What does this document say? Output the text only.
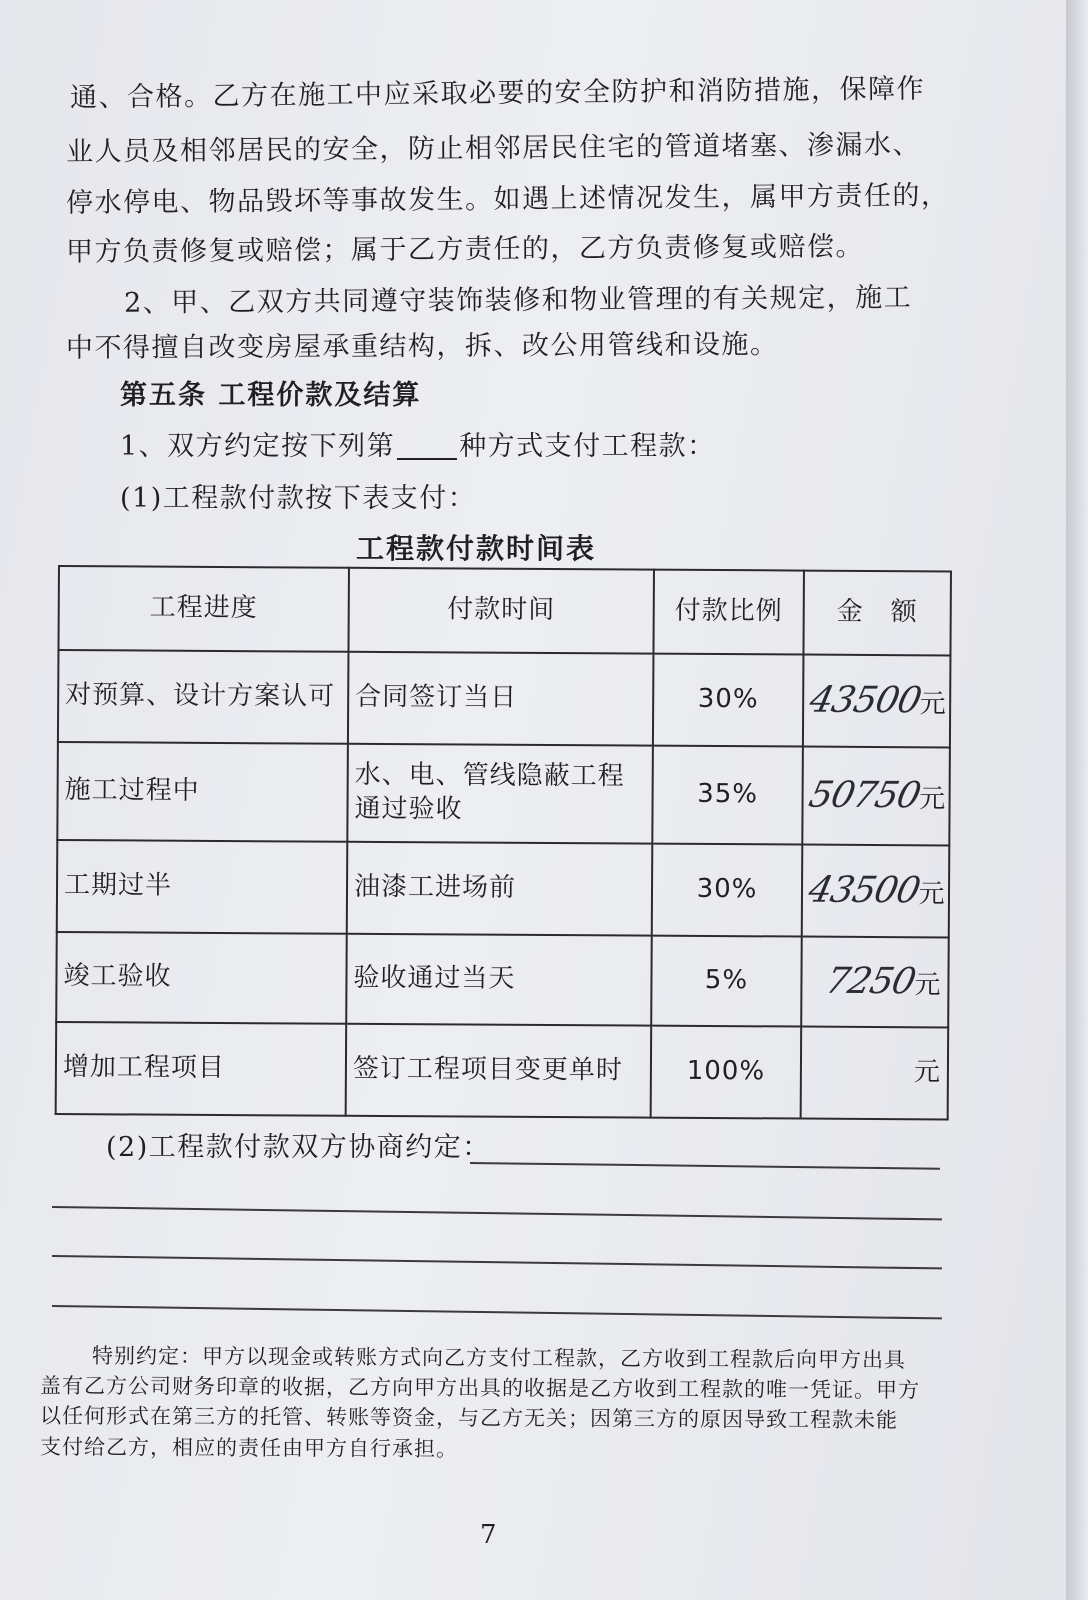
通、合格。乙方在施工中应采取必要的安全防护和消防措施，保障作
业人员及相邻居民的安全，防止相邻居民住宅的管道堵塞、渗漏水、
停水停电、物品毁坏等事故发生。如遇上述情况发生，属甲方责任的，
甲方负责修复或赔偿；属于乙方责任的，乙方负责修复或赔偿。
2、甲、乙双方共同遵守装饰装修和物业管理的有关规定，施工
中不得擅自改变房屋承重结构，拆、改公用管线和设施。
第五条 工程价款及结算
1、双方约定按下列第 种方式支付工程款：
(1)工程款付款按下表支付：
工程款付款时间表
工程进度	付款时间	付款比例	金　额
对预算、设计方案认可	合同签订当日	30%	43500元
施工过程中	水、电、管线隐蔽工程通过验收	35%	50750元
工期过半	油漆工进场前	30%	43500元
竣工验收	验收通过当天	5%	7250元
增加工程项目	签订工程项目变更单时	100%	元
(2)工程款付款双方协商约定：
特别约定：甲方以现金或转账方式向乙方支付工程款，乙方收到工程款后向甲方出具
盖有乙方公司财务印章的收据，乙方向甲方出具的收据是乙方收到工程款的唯一凭证。甲方
以任何形式在第三方的托管、转账等资金，与乙方无关；因第三方的原因导致工程款未能
支付给乙方，相应的责任由甲方自行承担。
7
